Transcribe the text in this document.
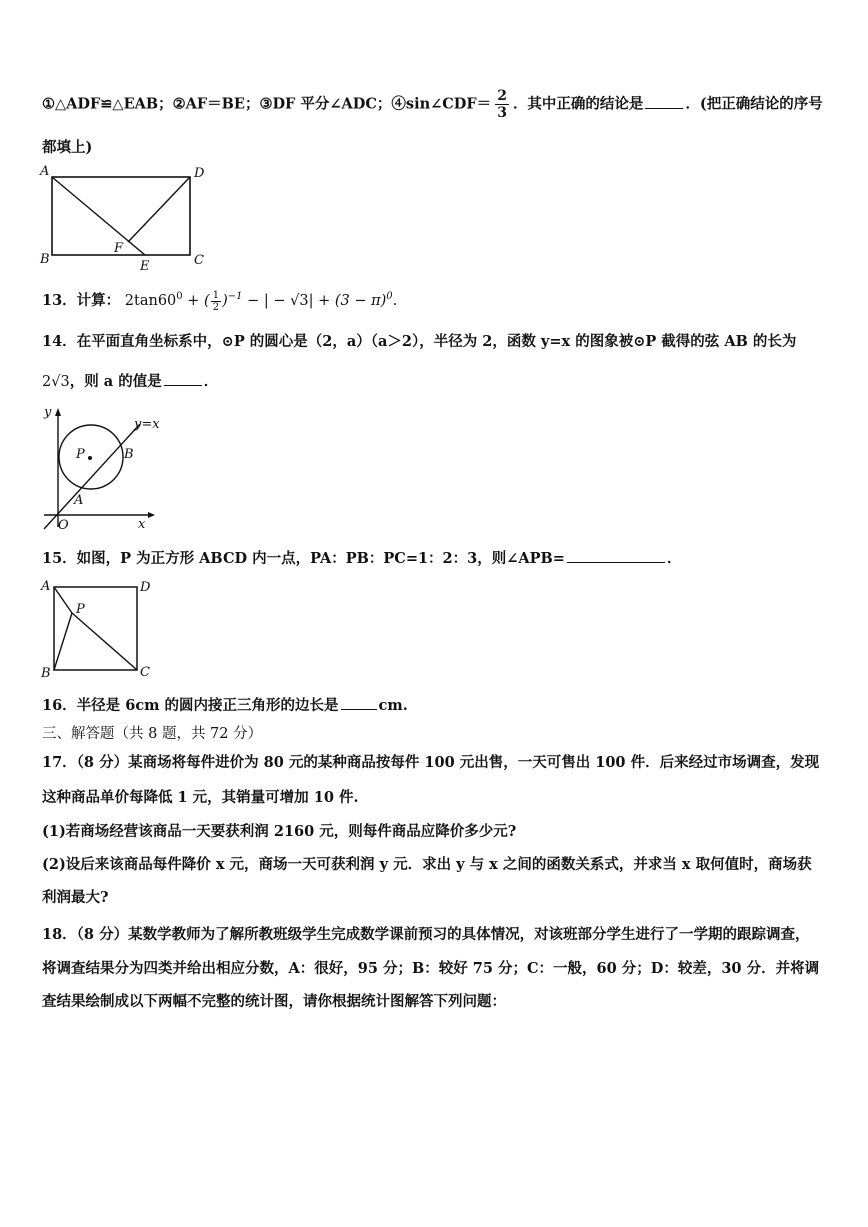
①△ADF≌△EAB；②AF＝BE；③DF 平分∠ADC；④sin∠CDF＝ $\frac{2}{3}$ ．其中正确的结论是	．(把正确结论的序号
都填上)
A	D
B	C
F
E
13．计算： $2\tan 60^0$ + ( $\frac{1}{2} )^{-1}$ − | − $√3| + (3 - \pi)^0$.
14．在平面直角坐标系中，⊙P 的圆心是（2，a）（a＞2），半径为 2，函数 y=x 的图象被⊙P 截得的弦 AB 的长为
2√3，则 a 的值是	．
y
x
O
A
B
P
y=x
15．如图，P 为正方形 ABCD 内一点，PA：PB：PC=1：2：3，则∠APB=	．
A	D
B	C
P
16．半径是 6cm 的圆内接正三角形的边长是	cm.
三、解答题（共 8 题，共 72 分）
17．（8 分）某商场将每件进价为 80 元的某种商品按每件 100 元出售，一天可售出 100 件．后来经过市场调查，发现
这种商品单价每降低 1 元，其销量可增加 10 件.
(1)若商场经营该商品一天要获利润 2160 元，则每件商品应降价多少元?
(2)设后来该商品每件降价 x 元，商场一天可获利润 y 元．求出 y 与 x 之间的函数关系式，并求当 x 取何值时，商场获
利润最大?
18．（8 分）某数学教师为了解所教班级学生完成数学课前预习的具体情况，对该班部分学生进行了一学期的跟踪调查，
将调查结果分为四类并给出相应分数，A：很好，95 分；B：较好 75 分；C：一般，60 分；D：较差，30 分．并将调
查结果绘制成以下两幅不完整的统计图，请你根据统计图解答下列问题：
